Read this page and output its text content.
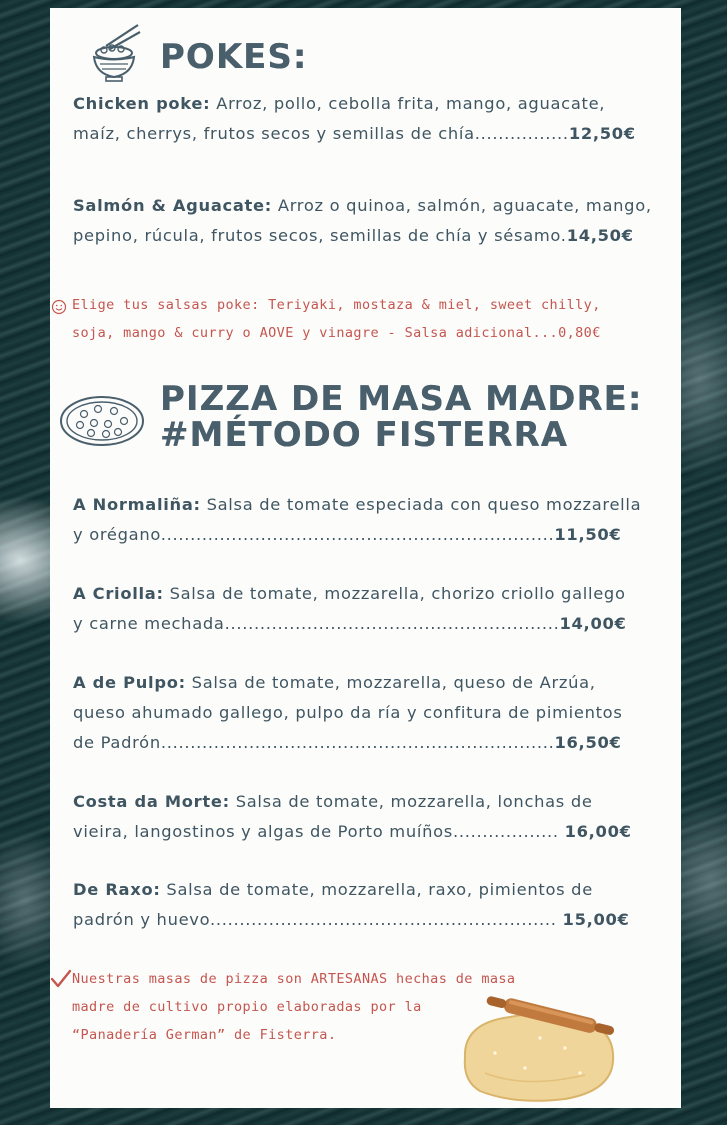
POKES:
Chicken poke: Arroz, pollo, cebolla frita, mango, aguacate,
maíz, cherrys, frutos secos y semillas de chía................12,50€
Salmón & Aguacate: Arroz o quinoa, salmón, aguacate, mango,
pepino, rúcula, frutos secos, semillas de chía y sésamo.14,50€
Elige tus salsas poke: Teriyaki, mostaza & miel, sweet chilly,
soja, mango & curry o AOVE y vinagre - Salsa adicional...0,80€
PIZZA DE MASA MADRE:
#MÉTODO FISTERRA
A Normaliña: Salsa de tomate especiada con queso mozzarella
y orégano...................................................................11,50€
A Criolla: Salsa de tomate, mozzarella, chorizo criollo gallego
y carne mechada.........................................................14,00€
A de Pulpo: Salsa de tomate, mozzarella, queso de Arzúa,
queso ahumado gallego, pulpo da ría y confitura de pimientos
de Padrón...................................................................16,50€
Costa da Morte: Salsa de tomate, mozzarella, lonchas de
vieira, langostinos y algas de Porto muíños.................. 16,00€
De Raxo: Salsa de tomate, mozzarella, raxo, pimientos de
padrón y huevo........................................................... 15,00€
Nuestras masas de pizza son ARTESANAS hechas de masa
madre de cultivo propio elaboradas por la
“Panadería German” de Fisterra.
